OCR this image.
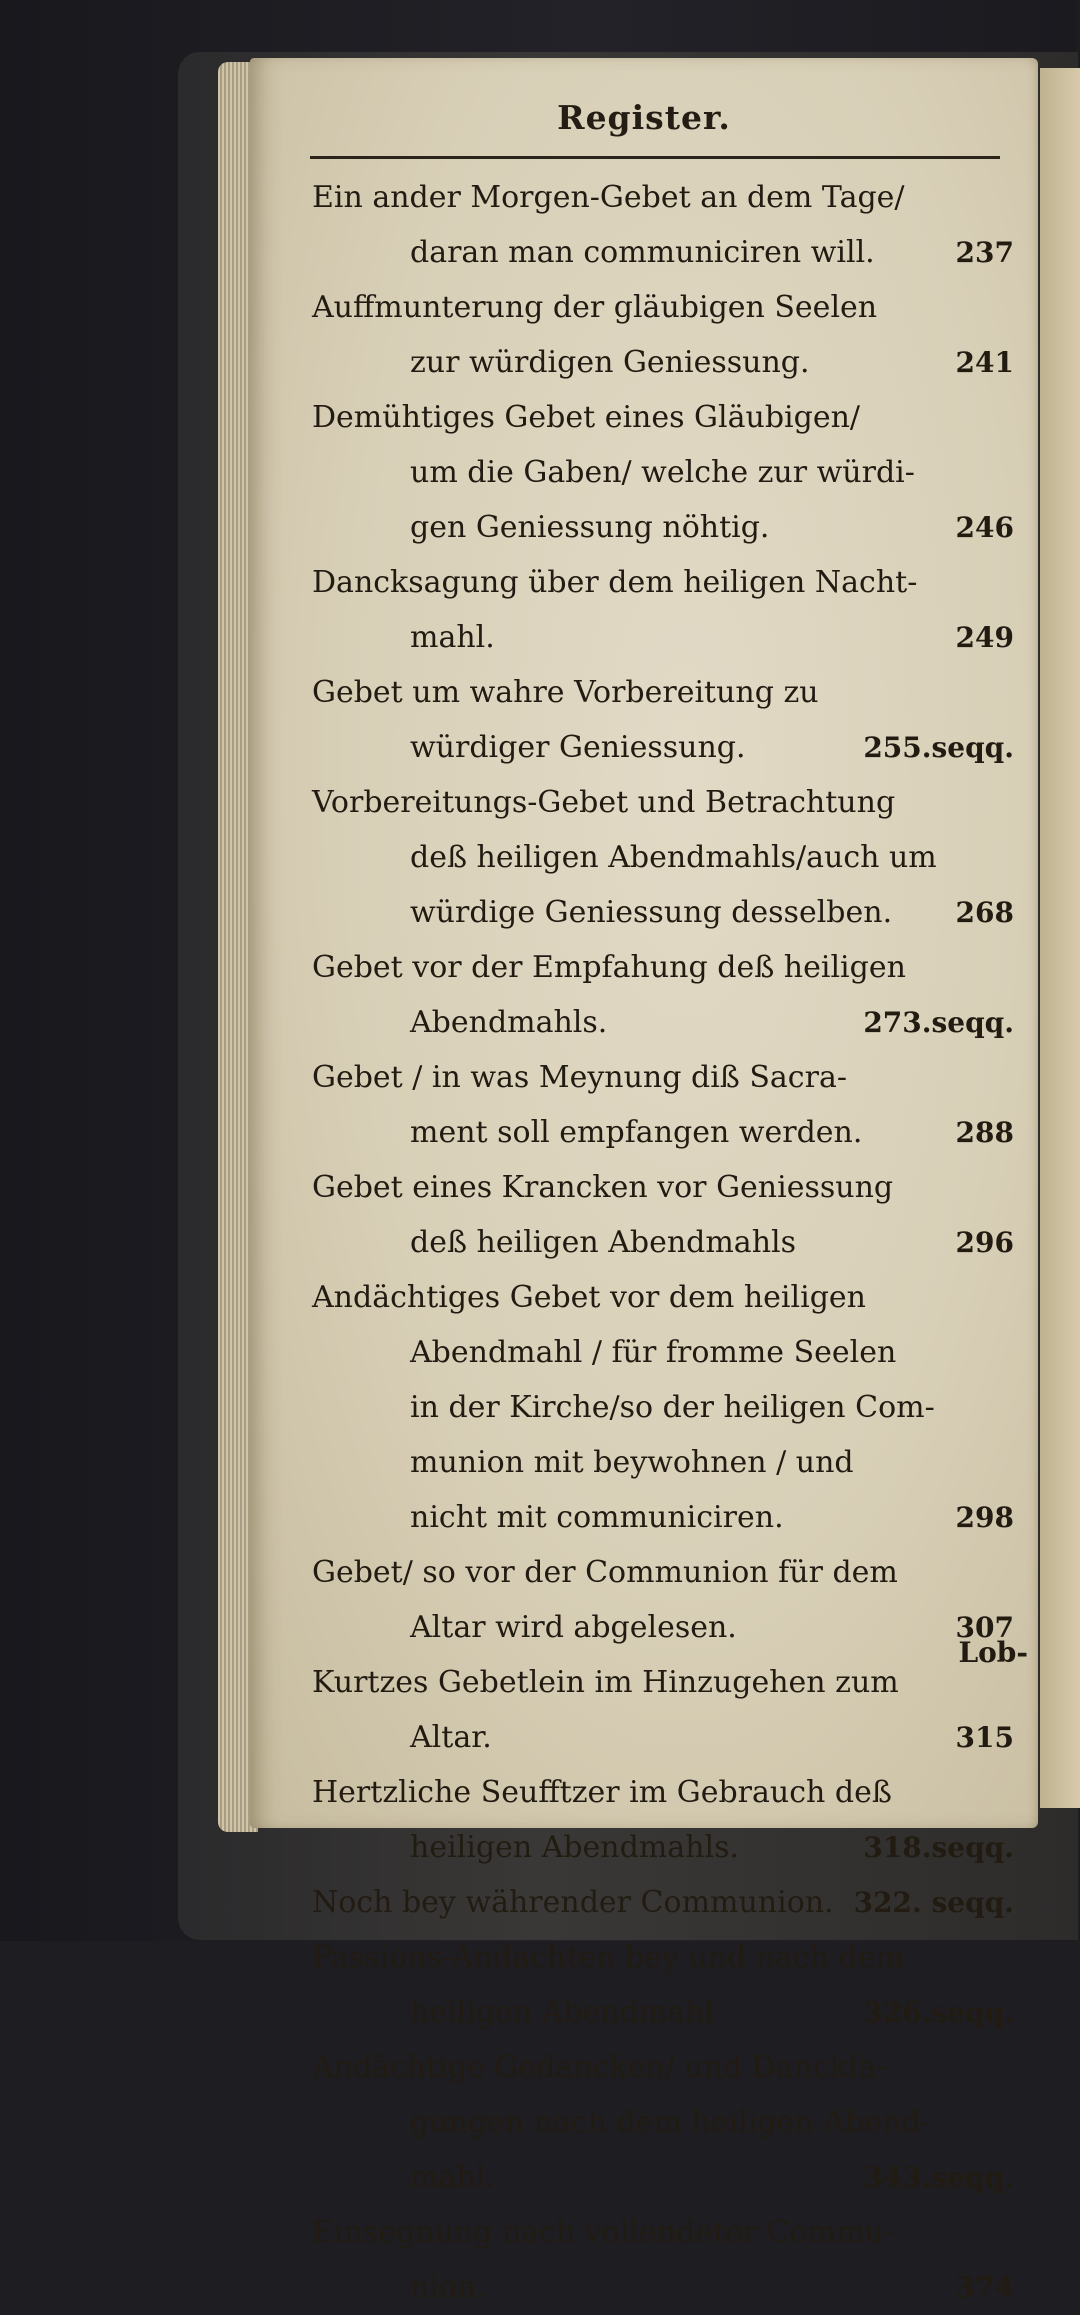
Register.
Ein ander Morgen-Gebet an dem Tage/
daran man communiciren will.	237
Auffmunterung der gläubigen Seelen
zur würdigen Geniessung.	241
Demühtiges Gebet eines Gläubigen/
um die Gaben/ welche zur würdi-
gen Geniessung nöhtig.	246
Dancksagung über dem heiligen Nacht-
mahl.	249
Gebet um wahre Vorbereitung zu
würdiger Geniessung.	255.seqq.
Vorbereitungs-Gebet und Betrachtung
deß heiligen Abendmahls/auch um
würdige Geniessung desselben.	268
Gebet vor der Empfahung deß heiligen
Abendmahls.	273.seqq.
Gebet / in was Meynung diß Sacra-
ment soll empfangen werden.	288
Gebet eines Krancken vor Geniessung
deß heiligen Abendmahls	296
Andächtiges Gebet vor dem heiligen
Abendmahl / für fromme Seelen
in der Kirche/so der heiligen Com-
munion mit beywohnen / und
nicht mit communiciren.	298
Gebet/ so vor der Communion für dem
Altar wird abgelesen.	307
Kurtzes Gebetlein im Hinzugehen zum
Altar.	315
Hertzliche Seufftzer im Gebrauch deß
heiligen Abendmahls.	318.seqq.
Noch bey währender Communion. 322. seqq.
Passions-Andachten bey und nach dem
heiligen Abendmahl	326.seqq.
Andächtige Gedancken/ und Danckfa-
gungen nach dem heiligen Abend-
mahl.	343.seqq.
Einsegnung nach vollendeter Commu-
nion.	374
Lob-
